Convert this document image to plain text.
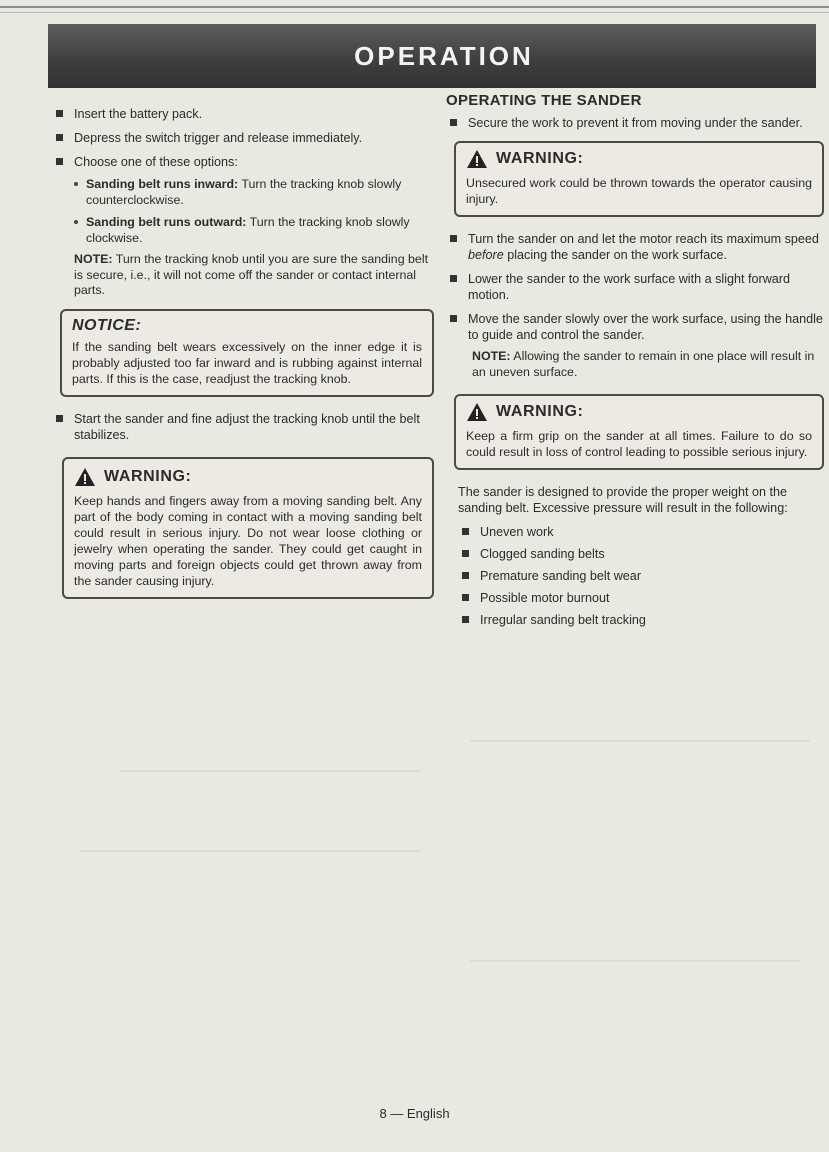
OPERATION
Insert the battery pack.
Depress the switch trigger and release immediately.
Choose one of these options:
Sanding belt runs inward: Turn the tracking knob slowly counterclockwise.
Sanding belt runs outward: Turn the tracking knob slowly clockwise.
NOTE: Turn the tracking knob until you are sure the sanding belt is secure, i.e., it will not come off the sander or contact internal parts.
NOTICE:
If the sanding belt wears excessively on the inner edge it is probably adjusted too far inward and is rubbing against internal parts. If this is the case, readjust the tracking knob.
Start the sander and fine adjust the tracking knob until the belt stabilizes.
WARNING:
Keep hands and fingers away from a moving sanding belt. Any part of the body coming in contact with a moving sanding belt could result in serious injury. Do not wear loose clothing or jewelry when operating the sander. They could get caught in moving parts and foreign objects could get thrown away from the sander causing injury.
OPERATING THE SANDER
Secure the work to prevent it from moving under the sander.
WARNING:
Unsecured work could be thrown towards the operator causing injury.
Turn the sander on and let the motor reach its maximum speed before placing the sander on the work surface.
Lower the sander to the work surface with a slight forward motion.
Move the sander slowly over the work surface, using the handle to guide and control the sander.
NOTE: Allowing the sander to remain in one place will result in an uneven surface.
WARNING:
Keep a firm grip on the sander at all times. Failure to do so could result in loss of control leading to possible serious injury.
The sander is designed to provide the proper weight on the sanding belt. Excessive pressure will result in the following:
Uneven work
Clogged sanding belts
Premature sanding belt wear
Possible motor burnout
Irregular sanding belt tracking
8 — English
